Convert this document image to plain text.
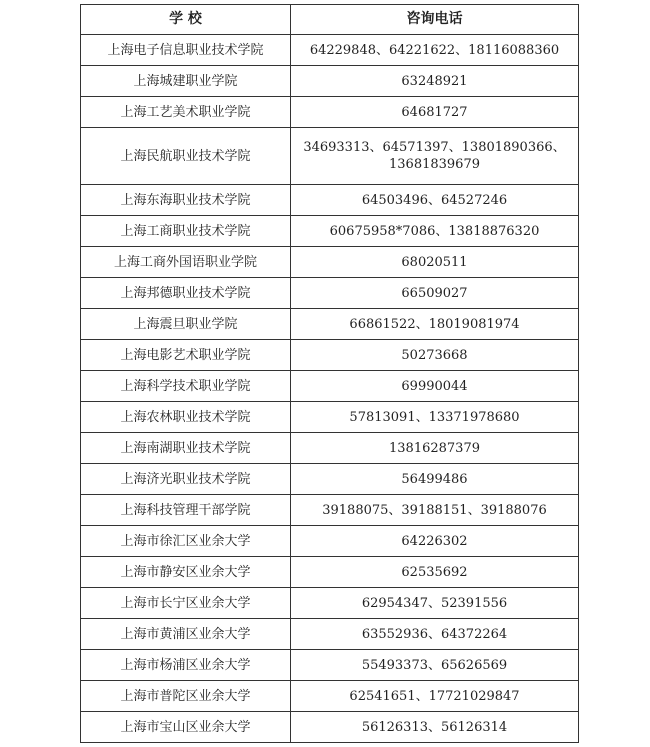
学 校	咨询电话
上海电子信息职业技术学院	64229848、64221622、18116088360
上海城建职业学院	63248921
上海工艺美术职业学院	64681727
上海民航职业技术学院	34693313、64571397、13801890366、13681839679
上海东海职业技术学院	64503496、64527246
上海工商职业技术学院	60675958*7086、13818876320
上海工商外国语职业学院	68020511
上海邦德职业技术学院	66509027
上海震旦职业学院	66861522、18019081974
上海电影艺术职业学院	50273668
上海科学技术职业学院	69990044
上海农林职业技术学院	57813091、13371978680
上海南湖职业技术学院	13816287379
上海济光职业技术学院	56499486
上海科技管理干部学院	39188075、39188151、39188076
上海市徐汇区业余大学	64226302
上海市静安区业余大学	62535692
上海市长宁区业余大学	62954347、52391556
上海市黄浦区业余大学	63552936、64372264
上海市杨浦区业余大学	55493373、65626569
上海市普陀区业余大学	62541651、17721029847
上海市宝山区业余大学	56126313、56126314
